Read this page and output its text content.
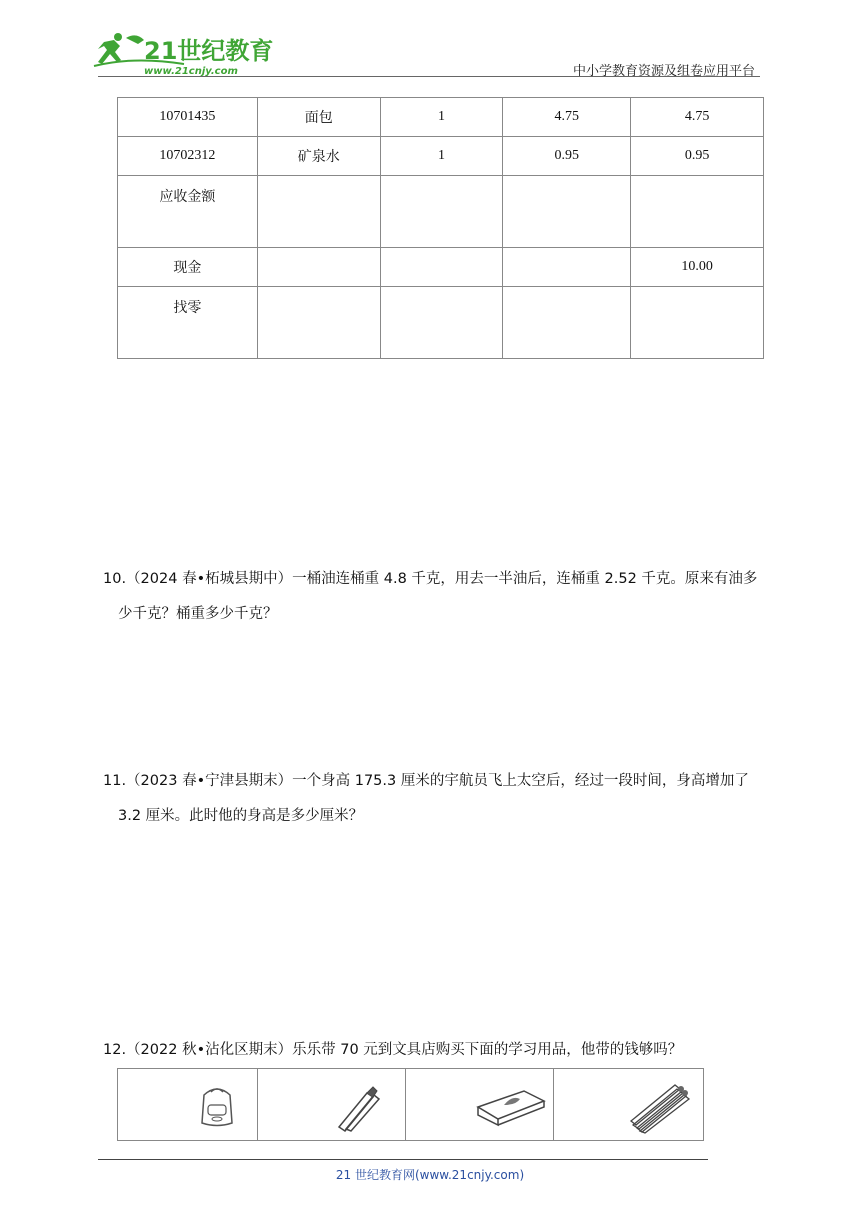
21世纪教育
www.21cnjy.com	中小学教育资源及组卷应用平台
10701435	面包	1	4.75	4.75
10702312	矿泉水	1	0.95	0.95
应收金额				
现金				10.00
找零				
10.（2024 春•柘城县期中）一桶油连桶重 4.8 千克，用去一半油后，连桶重 2.52 千克。原来有油多
少千克？桶重多少千克？
11.（2023 春•宁津县期末）一个身高 175.3 厘米的宇航员飞上太空后，经过一段时间，身高增加了
3.2 厘米。此时他的身高是多少厘米？
12.（2022 秋•沾化区期末）乐乐带 70 元到文具店购买下面的学习用品，他带的钱够吗？

21 世纪教育网(www.21cnjy.com)
